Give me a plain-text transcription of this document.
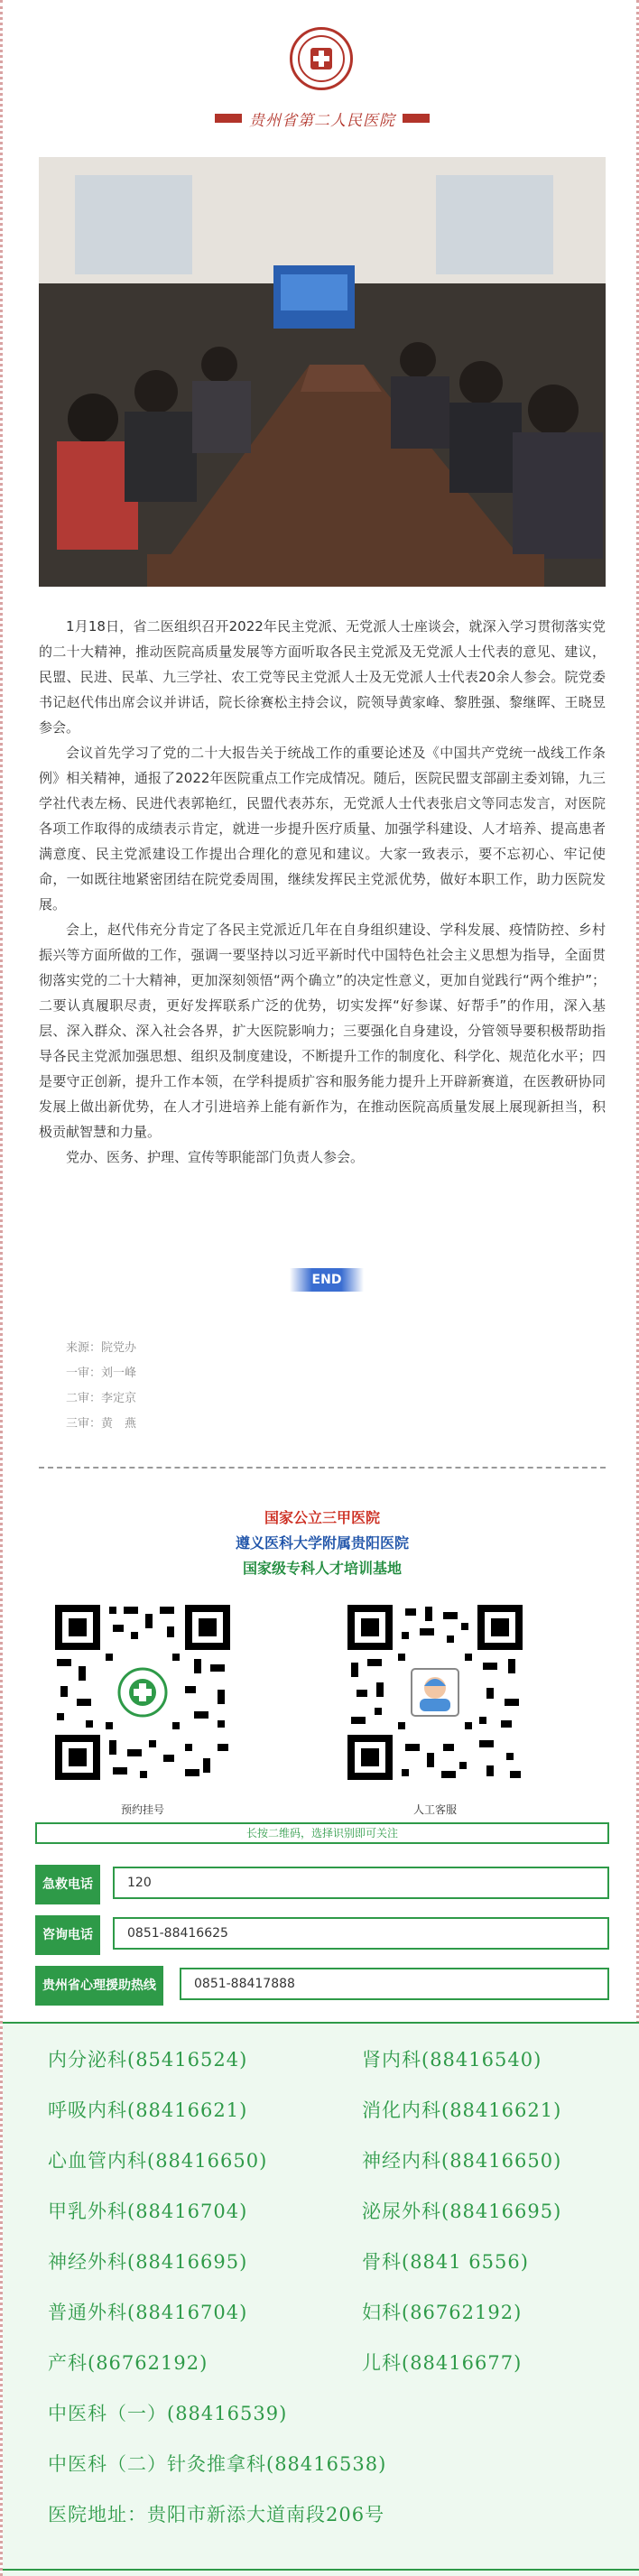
贵州省第二人民医院

1月18日，省二医组织召开2022年民主党派、无党派人士座谈会，就深入学习贯彻落实党的二十大精神，推动医院高质量发展等方面听取各民主党派及无党派人士代表的意见、建议，民盟、民进、民革、九三学社、农工党等民主党派人士及无党派人士代表20余人参会。院党委书记赵代伟出席会议并讲话，院长徐赛松主持会议，院领导黄家峰、黎胜强、黎继晖、王晓昱参会。

会议首先学习了党的二十大报告关于统战工作的重要论述及《中国共产党统一战线工作条例》相关精神，通报了2022年医院重点工作完成情况。随后，医院民盟支部副主委刘锦，九三学社代表左杨、民进代表郭艳红，民盟代表苏东，无党派人士代表张启文等同志发言，对医院各项工作取得的成绩表示肯定，就进一步提升医疗质量、加强学科建设、人才培养、提高患者满意度、民主党派建设工作提出合理化的意见和建议。大家一致表示，要不忘初心、牢记使命，一如既往地紧密团结在院党委周围，继续发挥民主党派优势，做好本职工作，助力医院发展。

会上，赵代伟充分肯定了各民主党派近几年在自身组织建设、学科发展、疫情防控、乡村振兴等方面所做的工作，强调一要坚持以习近平新时代中国特色社会主义思想为指导，全面贯彻落实党的二十大精神，更加深刻领悟“两个确立”的决定性意义，更加自觉践行“两个维护”；二要认真履职尽责，更好发挥联系广泛的优势，切实发挥“好参谋、好帮手”的作用，深入基层、深入群众、深入社会各界，扩大医院影响力；三要强化自身建设，分管领导要积极帮助指导各民主党派加强思想、组织及制度建设，不断提升工作的制度化、科学化、规范化水平；四是要守正创新，提升工作本领，在学科提质扩容和服务能力提升上开辟新赛道，在医教研协同发展上做出新优势，在人才引进培养上能有新作为，在推动医院高质量发展上展现新担当，积极贡献智慧和力量。

党办、医务、护理、宣传等职能部门负责人参会。

END
来源：院党办
一审：刘一峰
二审：李定京
三审：黄　燕
国家公立三甲医院
遵义医科大学附属贵阳医院
国家级专科人才培训基地
预约挂号	人工客服
长按二维码，选择识别即可关注
急救电话	120
咨询电话	0851-88416625
贵州省心理援助热线	0851-88417888
内分泌科(85416524)	肾内科(88416540)
呼吸内科(88416621)	消化内科(88416621)
心血管内科(88416650)	神经内科(88416650)
甲乳外科(88416704)	泌尿外科(88416695)
神经外科(88416695)	骨科(8841 6556)
普通外科(88416704)	妇科(86762192)
产科(86762192)	儿科(88416677)
中医科（一）(88416539)
中医科（二）针灸推拿科(88416538)
医院地址：贵阳市新添大道南段206号
